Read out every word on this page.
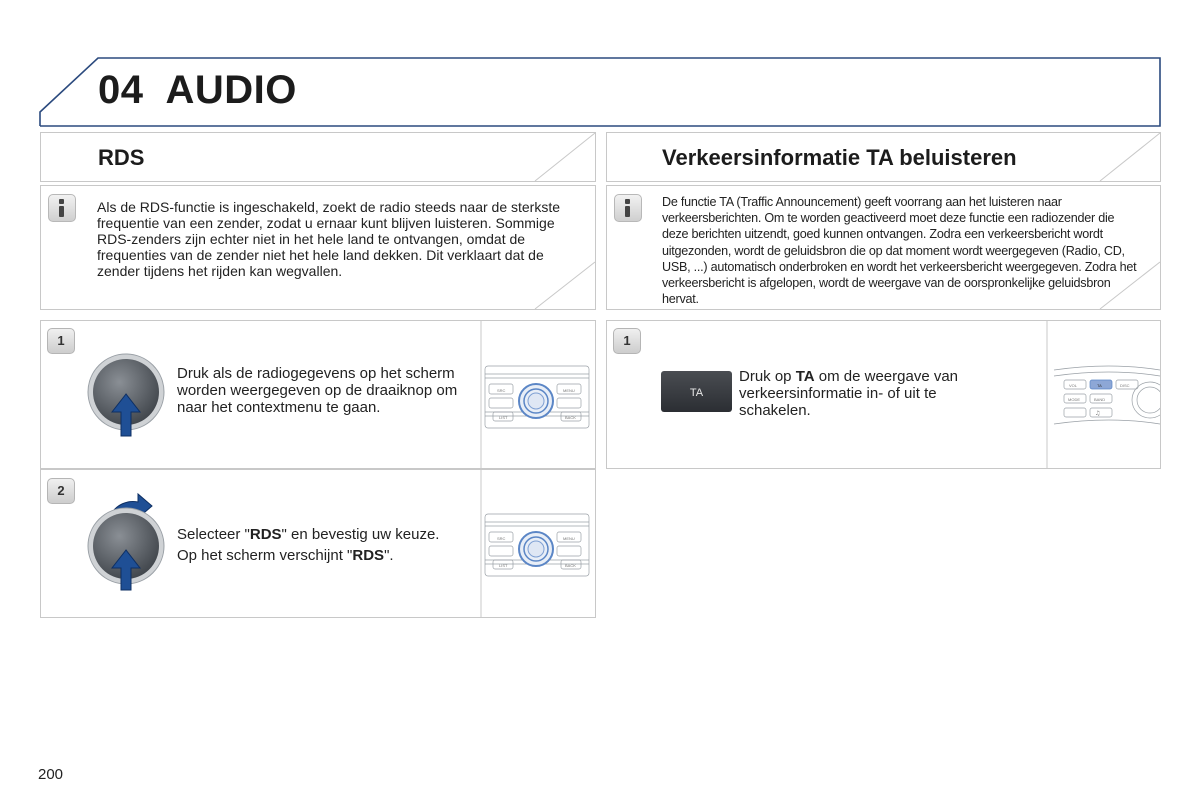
04 AUDIO
RDS	Verkeersinformatie TA beluisteren
Als de RDS-functie is ingeschakeld, zoekt de radio steeds naar de sterkste frequentie van een zender, zodat u ernaar kunt blijven luisteren. Sommige RDS-zenders zijn echter niet in het hele land te ontvangen, omdat de frequenties van de zender niet het hele land dekken. Dit verklaart dat de zender tijdens het rijden kan wegvallen.
De functie TA (Traffic Announcement) geeft voorrang aan het luisteren naar verkeersberichten. Om te worden geactiveerd moet deze functie een radiozender die deze berichten uitzendt, goed kunnen ontvangen. Zodra een verkeersbericht wordt uitgezonden, wordt de geluidsbron die op dat moment wordt weergegeven (Radio, CD, USB, ...) automatisch onderbroken en wordt het verkeersbericht weergegeven. Zodra het verkeersbericht is afgelopen, wordt de weergave van de oorspronkelijke geluidsbron hervat.
1
2
1
Druk als de radiogegevens op het scherm worden weergegeven op de draaiknop om naar het contextmenu te gaan.
Selecteer "RDS" en bevestig uw keuze.
Op het scherm verschijnt "RDS".
SRC	MENU
LIST	BACK
SRC	MENU
LIST	BACK
TA
Druk op TA om de weergave van verkeersinformatie in- of uit te schakelen.
VOL	TA	DISC
MODE	BAND
♫
200
